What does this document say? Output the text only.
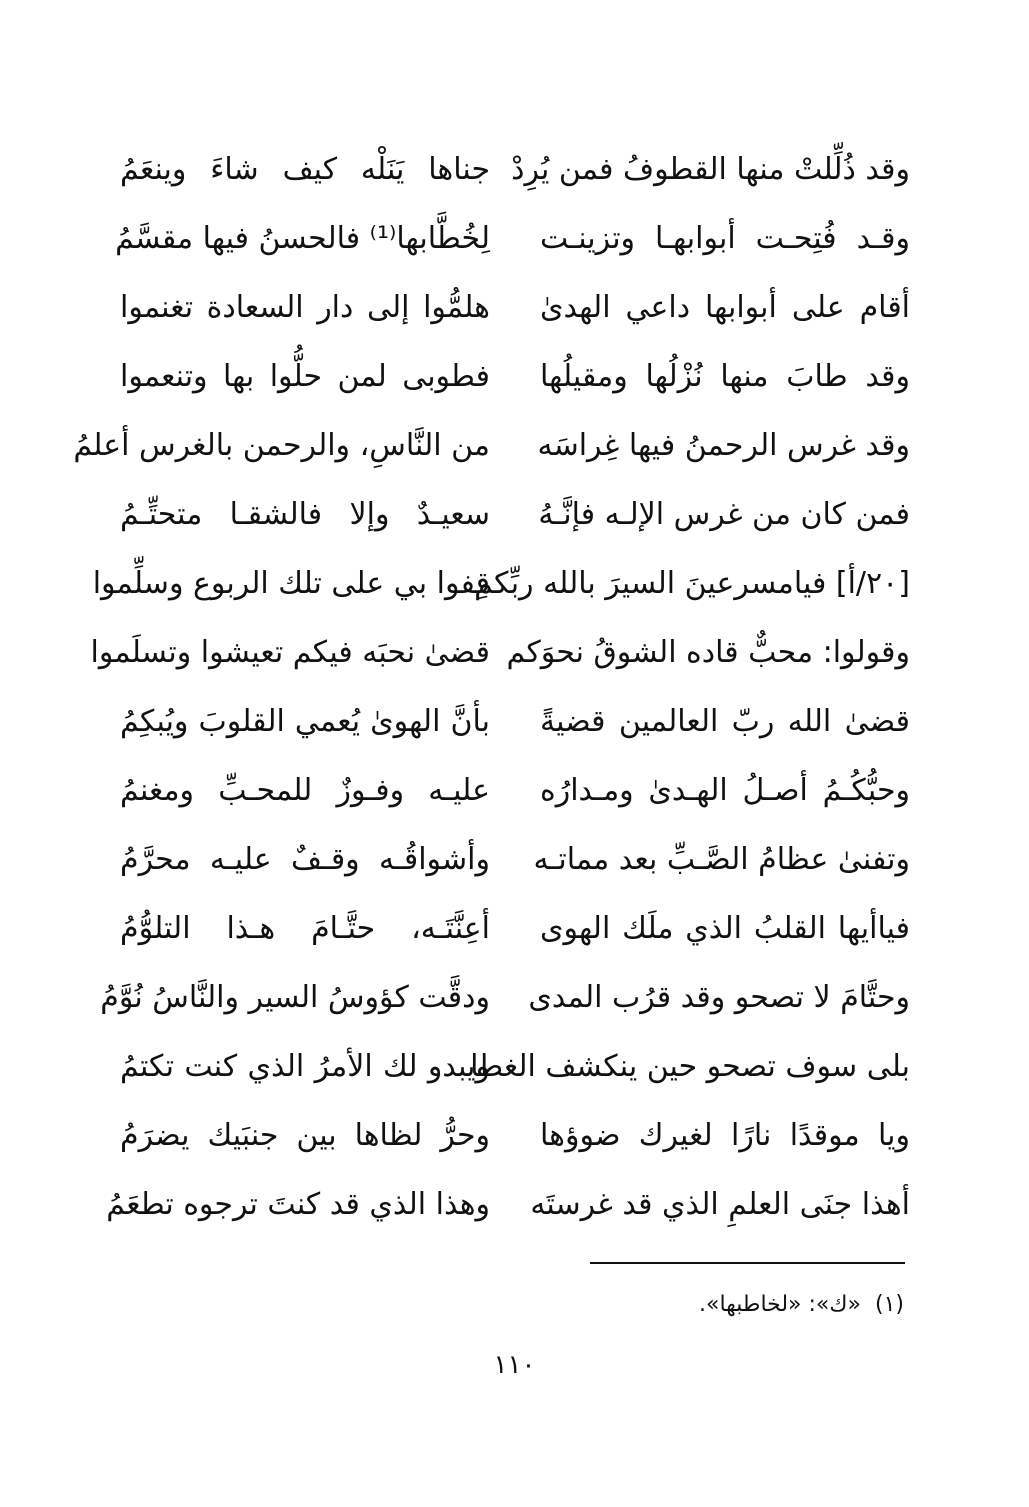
وقد ذُلِّلتْ منها القطوفُ فمن يُرِدْ
جناها يَنَلْه كيف شاءَ وينعَمُ
وقـد فُتِحـت أبوابهـا وتزينـت
لِخُطَّابها⁽¹⁾ فالحسنُ فيها مقسَّمُ
أقام على أبوابها داعي الهدىٰ
هلمُّوا إلى دار السعادة تغنموا
وقد طابَ منها نُزْلُها ومقيلُها
فطوبى لمن حلُّوا بها وتنعموا
وقد غرس الرحمنُ فيها غِراسَه
من النَّاسِ، والرحمن بالغرس أعلمُ
فمن كان من غرس الإلـه فإنَّـهُ
سعيـدٌ وإلا فالشقـا متحتِّـمُ
[٢٠/أ] فيامسرعينَ السيرَ بالله ربِّكم
قِفوا بي على تلك الربوع وسلِّموا
وقولوا: محبٌّ قاده الشوقُ نحوَكم
قضىٰ نحبَه فيكم تعيشوا وتسلَموا
قضىٰ الله ربّ العالمين قضيةً
بأنَّ الهوىٰ يُعمي القلوبَ ويُبكِمُ
وحبُّكُـمُ أصـلُ الهـدىٰ ومـدارُه
عليـه وفـوزٌ للمحـبِّ ومغنمُ
وتفنىٰ عظامُ الصَّـبِّ بعد مماتـه
وأشواقُـه وقـفٌ عليـه محرَّمُ
فياأيها القلبُ الذي ملَك الهوى
أعِنَّتَـه، حتَّـامَ هـذا التلوُّمُ
وحتَّامَ لا تصحو وقد قرُب المدى
ودقَّت كؤوسُ السير والنَّاسُ نُوَّمُ
بلى سوف تصحو حين ينكشف الغطا
ويبدو لك الأمرُ الذي كنت تكتمُ
ويا موقدًا نارًا لغيرك ضوؤها
وحرُّ لظاها بين جنبَيك يضرَمُ
أهذا جنَى العلمِ الذي قد غرستَه
وهذا الذي قد كنتَ ترجوه تطعَمُ
(١)«ك»: «لخاطبها».
١١٠
